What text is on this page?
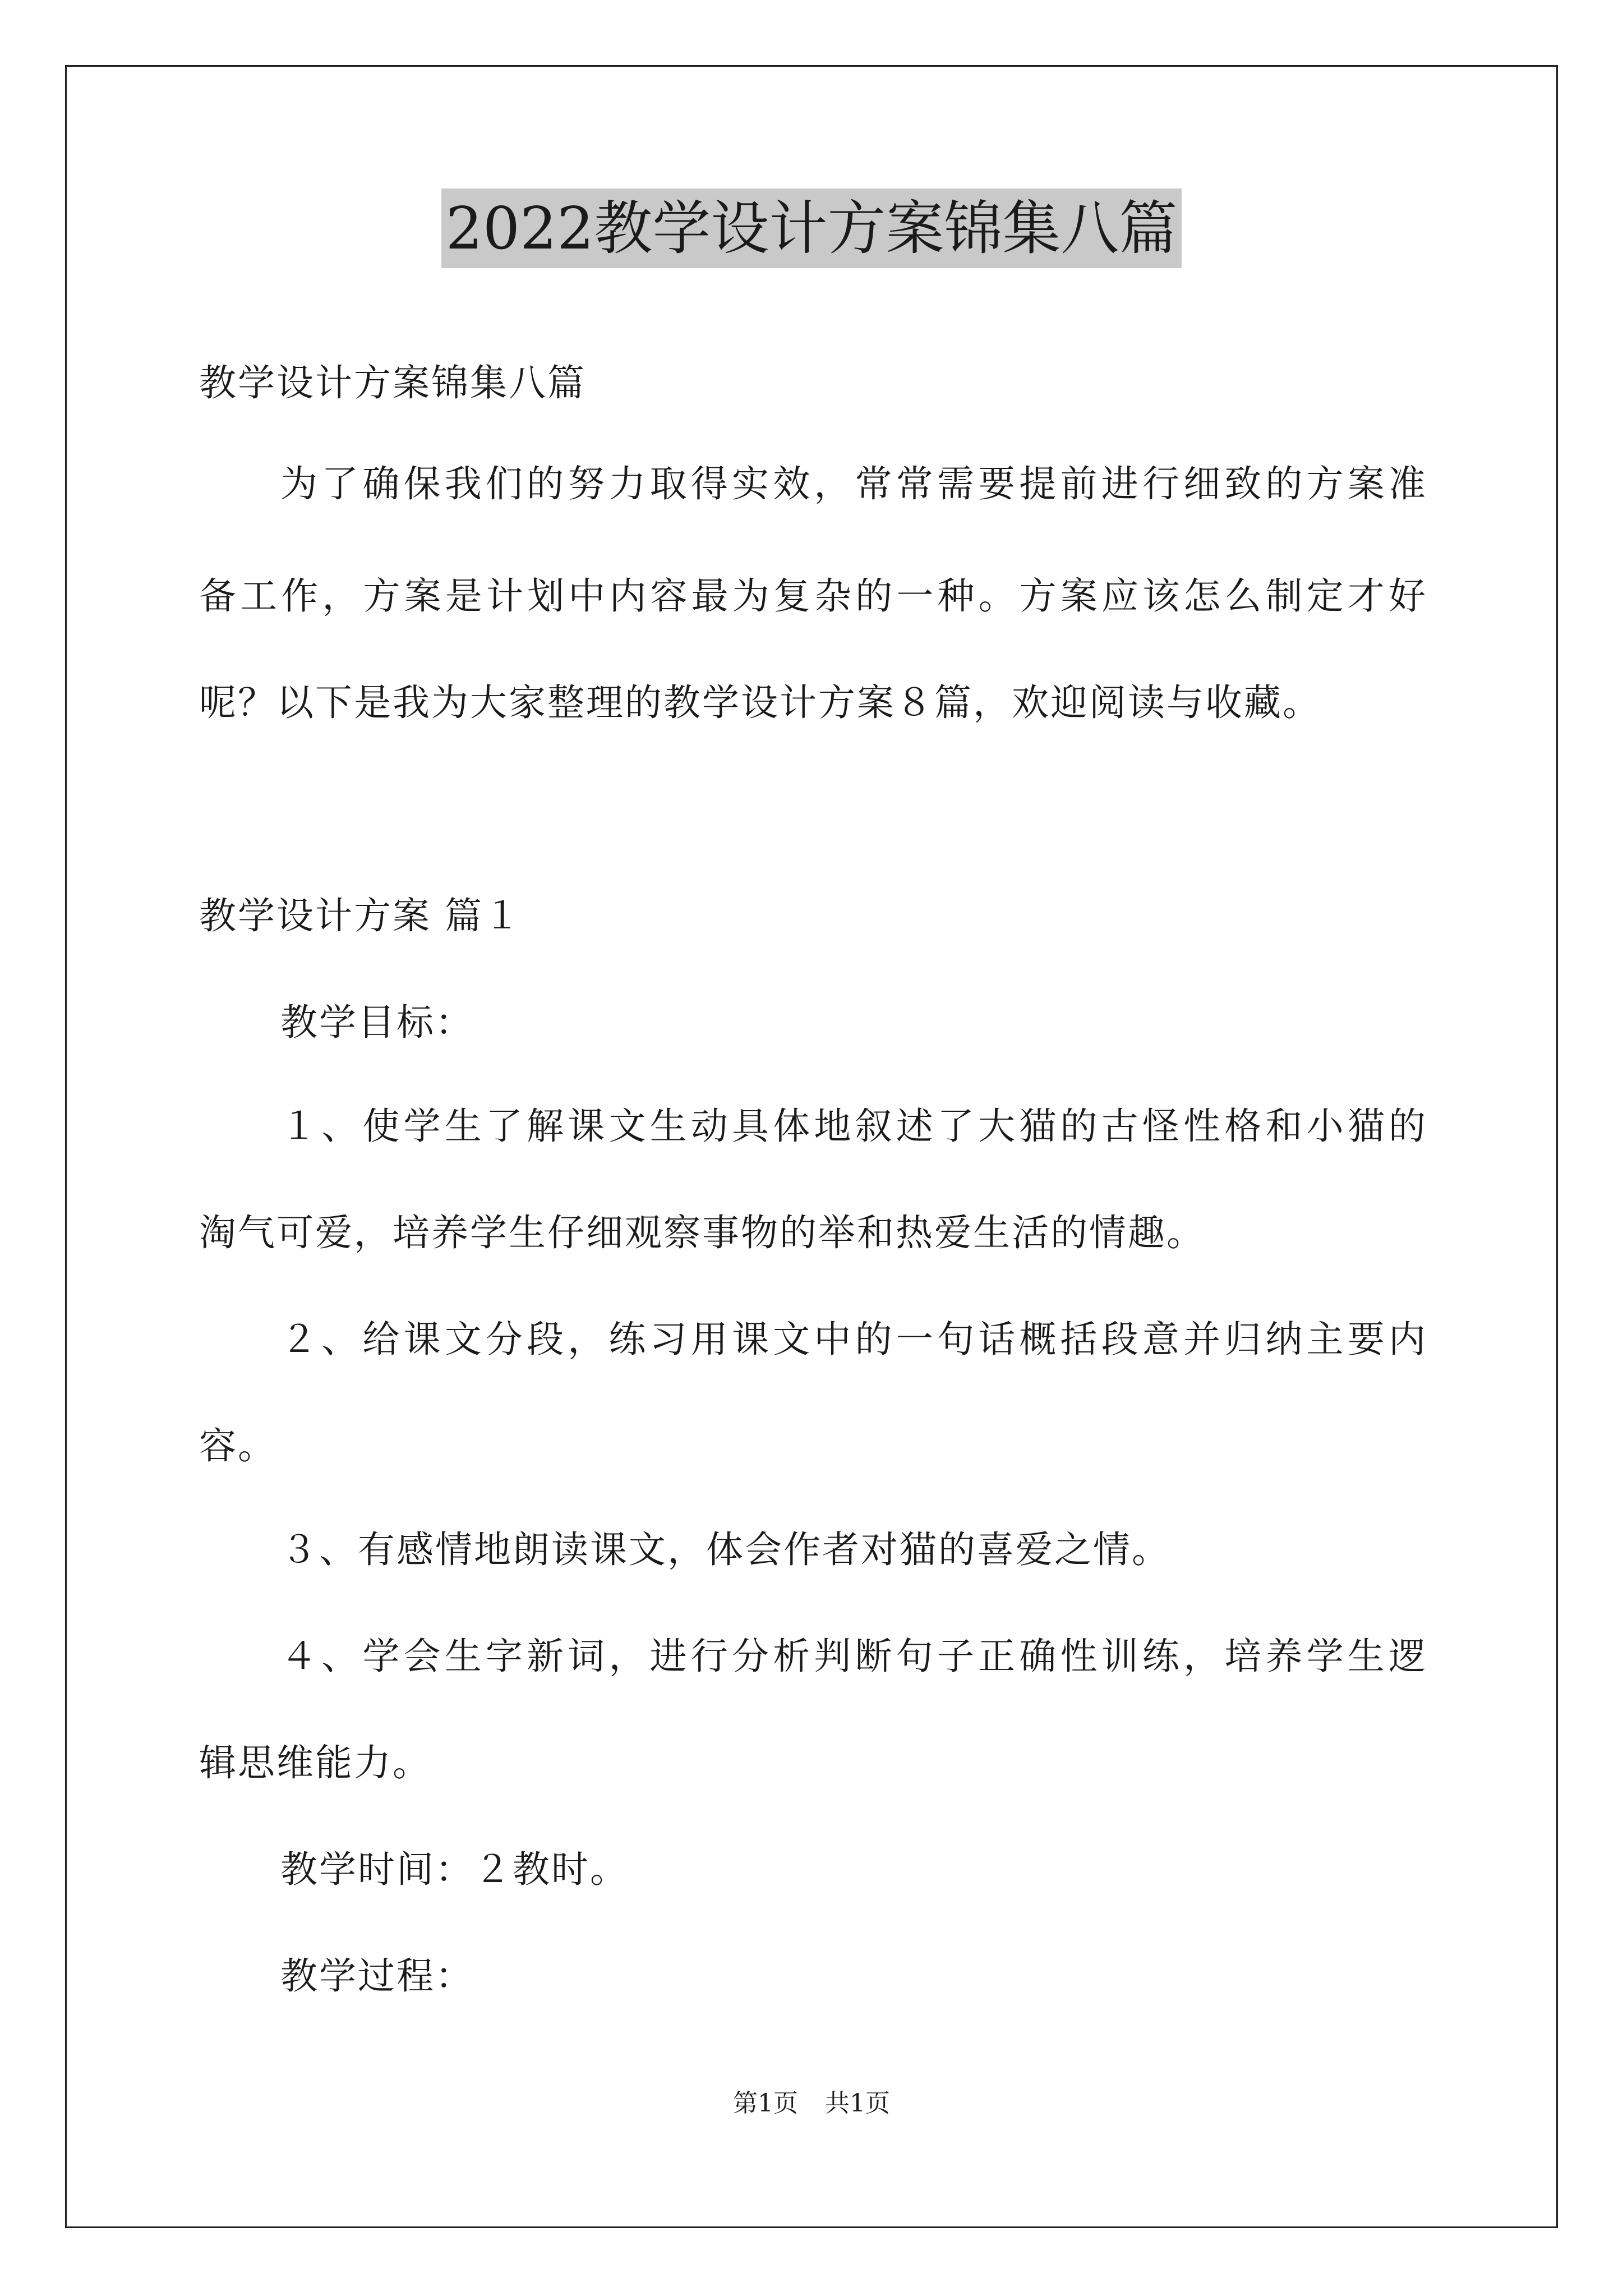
2022教学设计方案锦集八篇
教学设计方案锦集八篇
为了确保我们的努力取得实效，常常需要提前进行细致的方案准
备工作，方案是计划中内容最为复杂的一种。方案应该怎么制定才好
呢？以下是我为大家整理的教学设计方案８篇，欢迎阅读与收藏。
教学设计方案 篇１
教学目标：
１、使学生了解课文生动具体地叙述了大猫的古怪性格和小猫的
淘气可爱，培养学生仔细观察事物的举和热爱生活的情趣。
２、给课文分段，练习用课文中的一句话概括段意并归纳主要内
容。
３、有感情地朗读课文，体会作者对猫的喜爱之情。
４、学会生字新词，进行分析判断句子正确性训练，培养学生逻
辑思维能力。
教学时间：２教时。
教学过程：
第1页 共1页
